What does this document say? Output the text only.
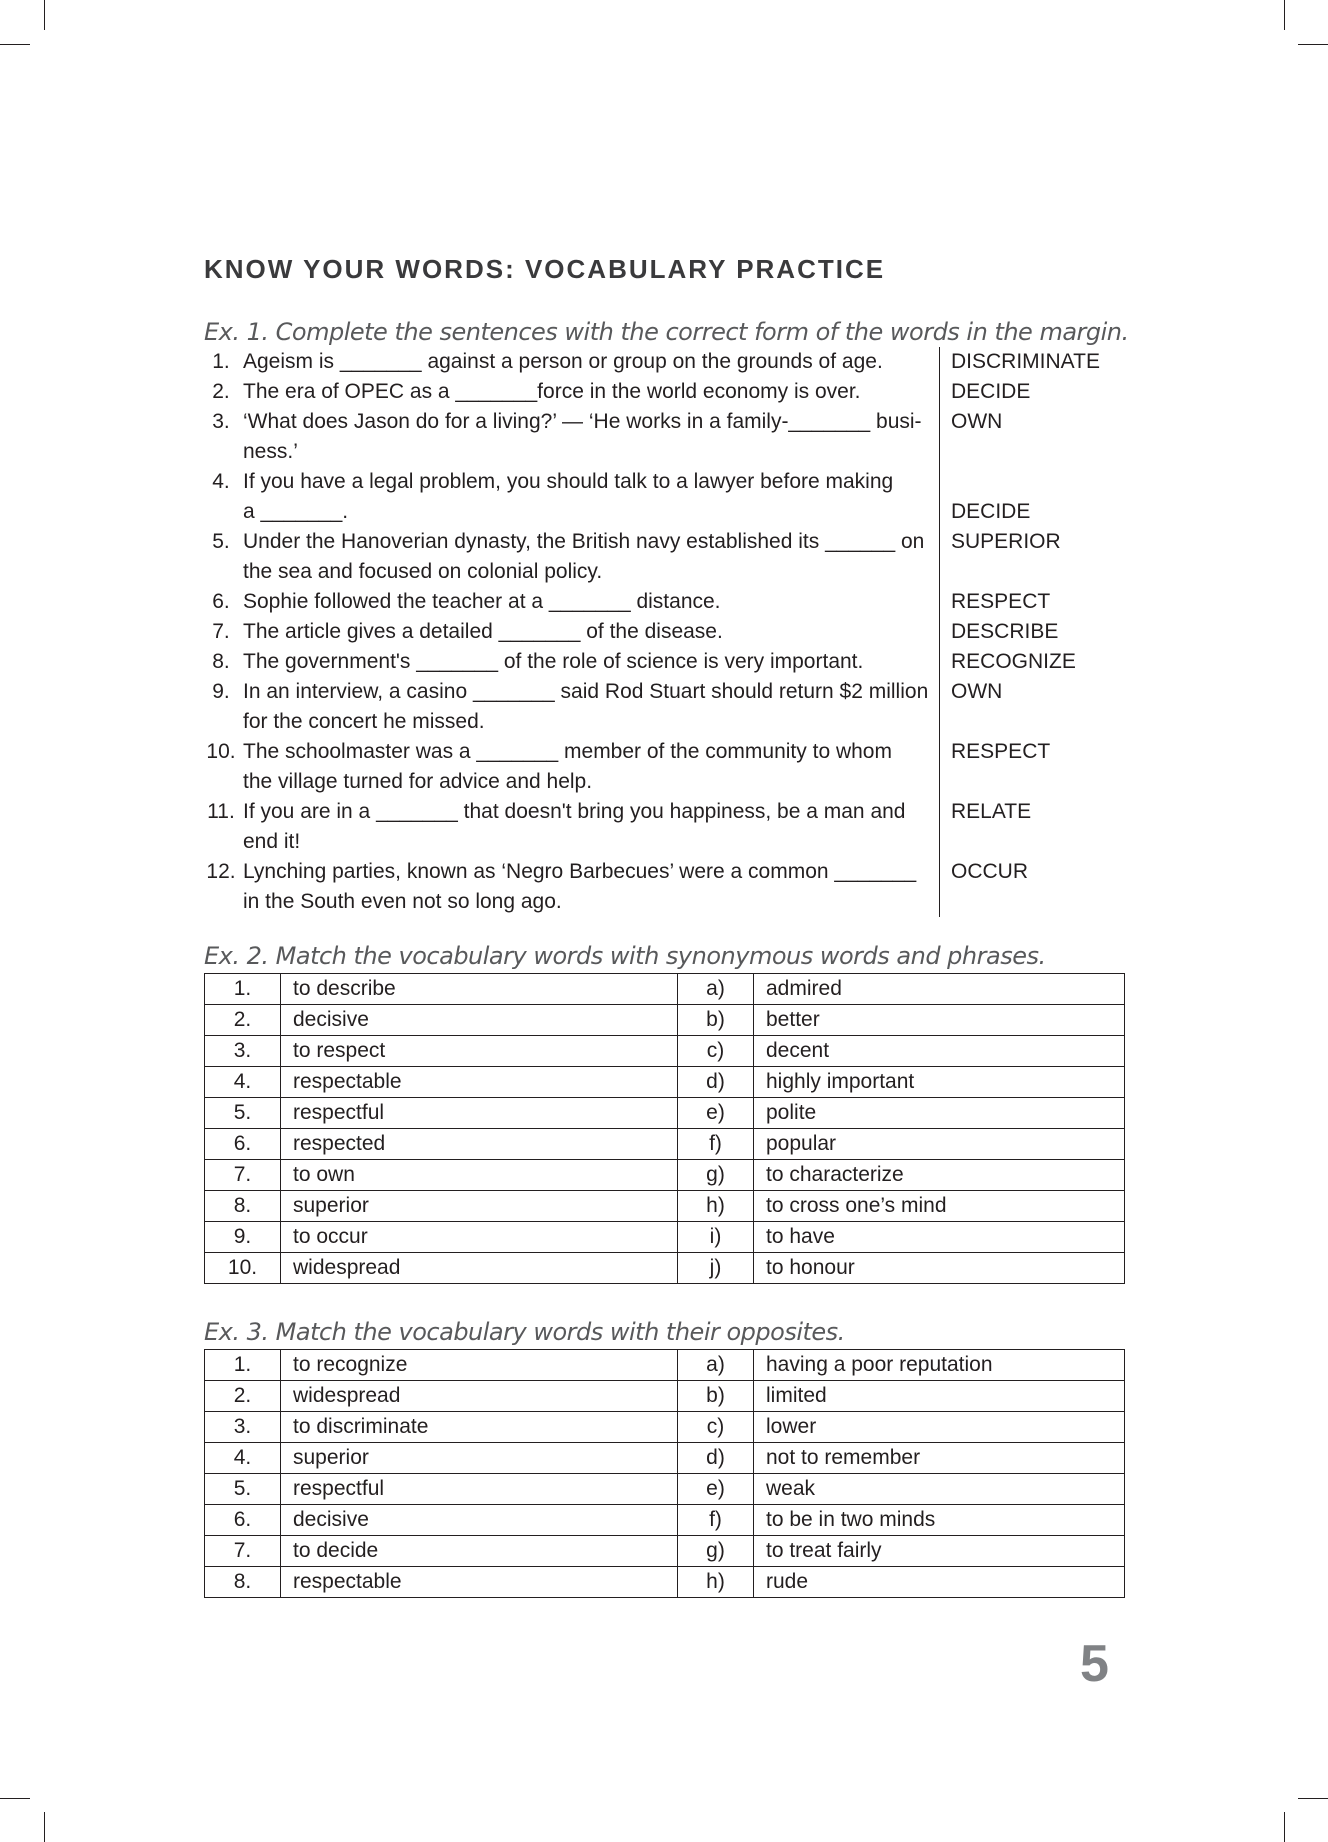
KNOW YOUR WORDS: VOCABULARY PRACTICE
Ex. 1. Complete the sentences with the correct form of the words in the margin.
1. Ageism is _______ against a person or group on the grounds of age.	DISCRIMINATE
2. The era of OPEC as a _______force in the world economy is over.	DECIDE
3. ‘What does Jason do for a living?’ — ‘He works in a family-_______ busi-	OWN
ness.’
4. If you have a legal problem, you should talk to a lawyer before making
a _______.	DECIDE
5. Under the Hanoverian dynasty, the British navy established its ______ on	SUPERIOR
the sea and focused on colonial policy.
6. Sophie followed the teacher at a _______ distance.	RESPECT
7. The article gives a detailed _______ of the disease.	DESCRIBE
8. The government's _______ of the role of science is very important.	RECOGNIZE
9. In an interview, a casino _______ said Rod Stuart should return $2 million	OWN
for the concert he missed.
10. The schoolmaster was a _______ member of the community to whom	RESPECT
the village turned for advice and help.
11. If you are in a _______ that doesn't bring you happiness, be a man and	RELATE
end it!
12. Lynching parties, known as ‘Negro Barbecues’ were a common _______	OCCUR
in the South even not so long ago.
Ex. 2. Match the vocabulary words with synonymous words and phrases.
1.	to describe	a)	admired
2.	decisive	b)	better
3.	to respect	c)	decent
4.	respectable	d)	highly important
5.	respectful	e)	polite
6.	respected	f)	popular
7.	to own	g)	to characterize
8.	superior	h)	to cross one’s mind
9.	to occur	i)	to have
10.	widespread	j)	to honour
Ex. 3. Match the vocabulary words with their opposites.
1.	to recognize	a)	having a poor reputation
2.	widespread	b)	limited
3.	to discriminate	c)	lower
4.	superior	d)	not to remember
5.	respectful	e)	weak
6.	decisive	f)	to be in two minds
7.	to decide	g)	to treat fairly
8.	respectable	h)	rude
5
